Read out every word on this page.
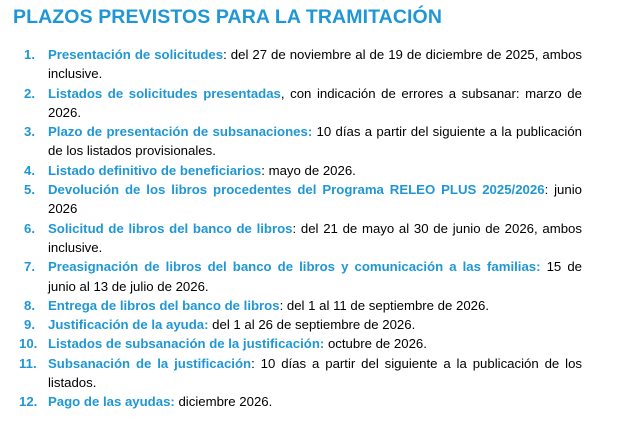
PLAZOS PREVISTOS PARA LA TRAMITACIÓN
1. Presentación de solicitudes: del 27 de noviembre al de 19 de diciembre de 2025, ambos inclusive.
2. Listados de solicitudes presentadas, con indicación de errores a subsanar: marzo de 2026.
3. Plazo de presentación de subsanaciones: 10 días a partir del siguiente a la publicación de los listados provisionales.
4. Listado definitivo de beneficiarios: mayo de 2026.
5. Devolución de los libros procedentes del Programa RELEO PLUS 2025/2026: junio 2026
6. Solicitud de libros del banco de libros: del 21 de mayo al 30 de junio de 2026, ambos inclusive.
7. Preasignación de libros del banco de libros y comunicación a las familias: 15 de junio al 13 de julio de 2026.
8. Entrega de libros del banco de libros: del 1 al 11 de septiembre de 2026.
9. Justificación de la ayuda: del 1 al 26 de septiembre de 2026.
10. Listados de subsanación de la justificación: octubre de 2026.
11. Subsanación de la justificación: 10 días a partir del siguiente a la publicación de los listados.
12. Pago de las ayudas: diciembre 2026.
